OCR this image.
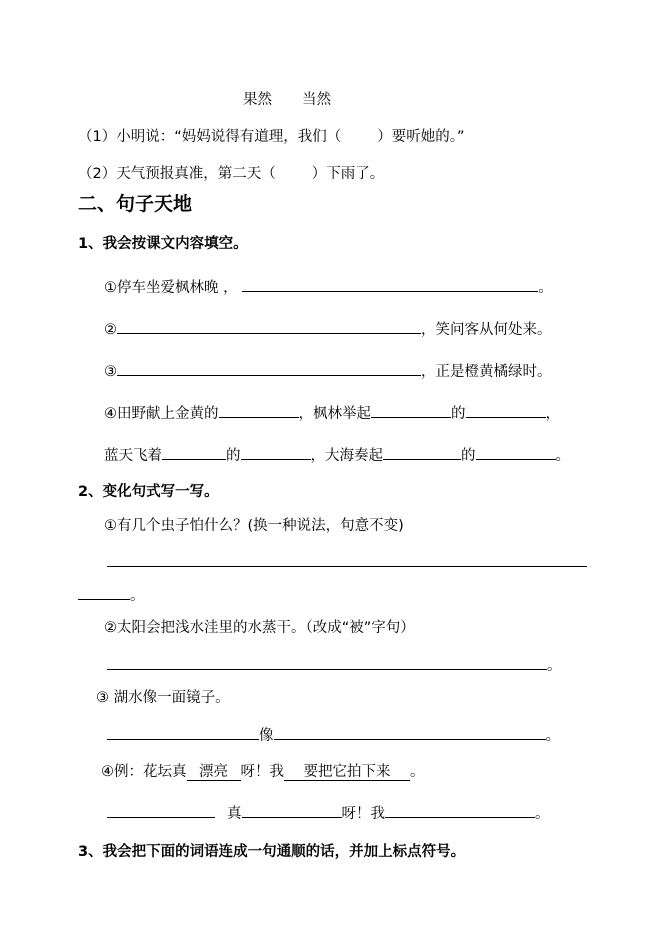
果然 当然
（1）小明说：“妈妈说得有道理，我们（ ）要听她的。”
（2）天气预报真准，第二天（ ）下雨了。
二、句子天地
1、我会按课文内容填空。
①停车坐爱枫林晚 ，	。
②	，笑问客从何处来。
③	，正是橙黄橘绿时。
④田野献上金黄的	，枫林举起	的	，
蓝天飞着	的	，大海奏起	的	。
2、变化句式写一写。
①有几个虫子怕什么？(换一种说法，句意不变)
。
②太阳会把浅水洼里的水蒸干。（改成“被”字句）
。
③ 湖水像一面镜子。
像	。
④例：花坛真 漂亮 呀！我 要把它拍下来 。
真	呀！我	。
3、我会把下面的词语连成一句通顺的话，并加上标点符号。
